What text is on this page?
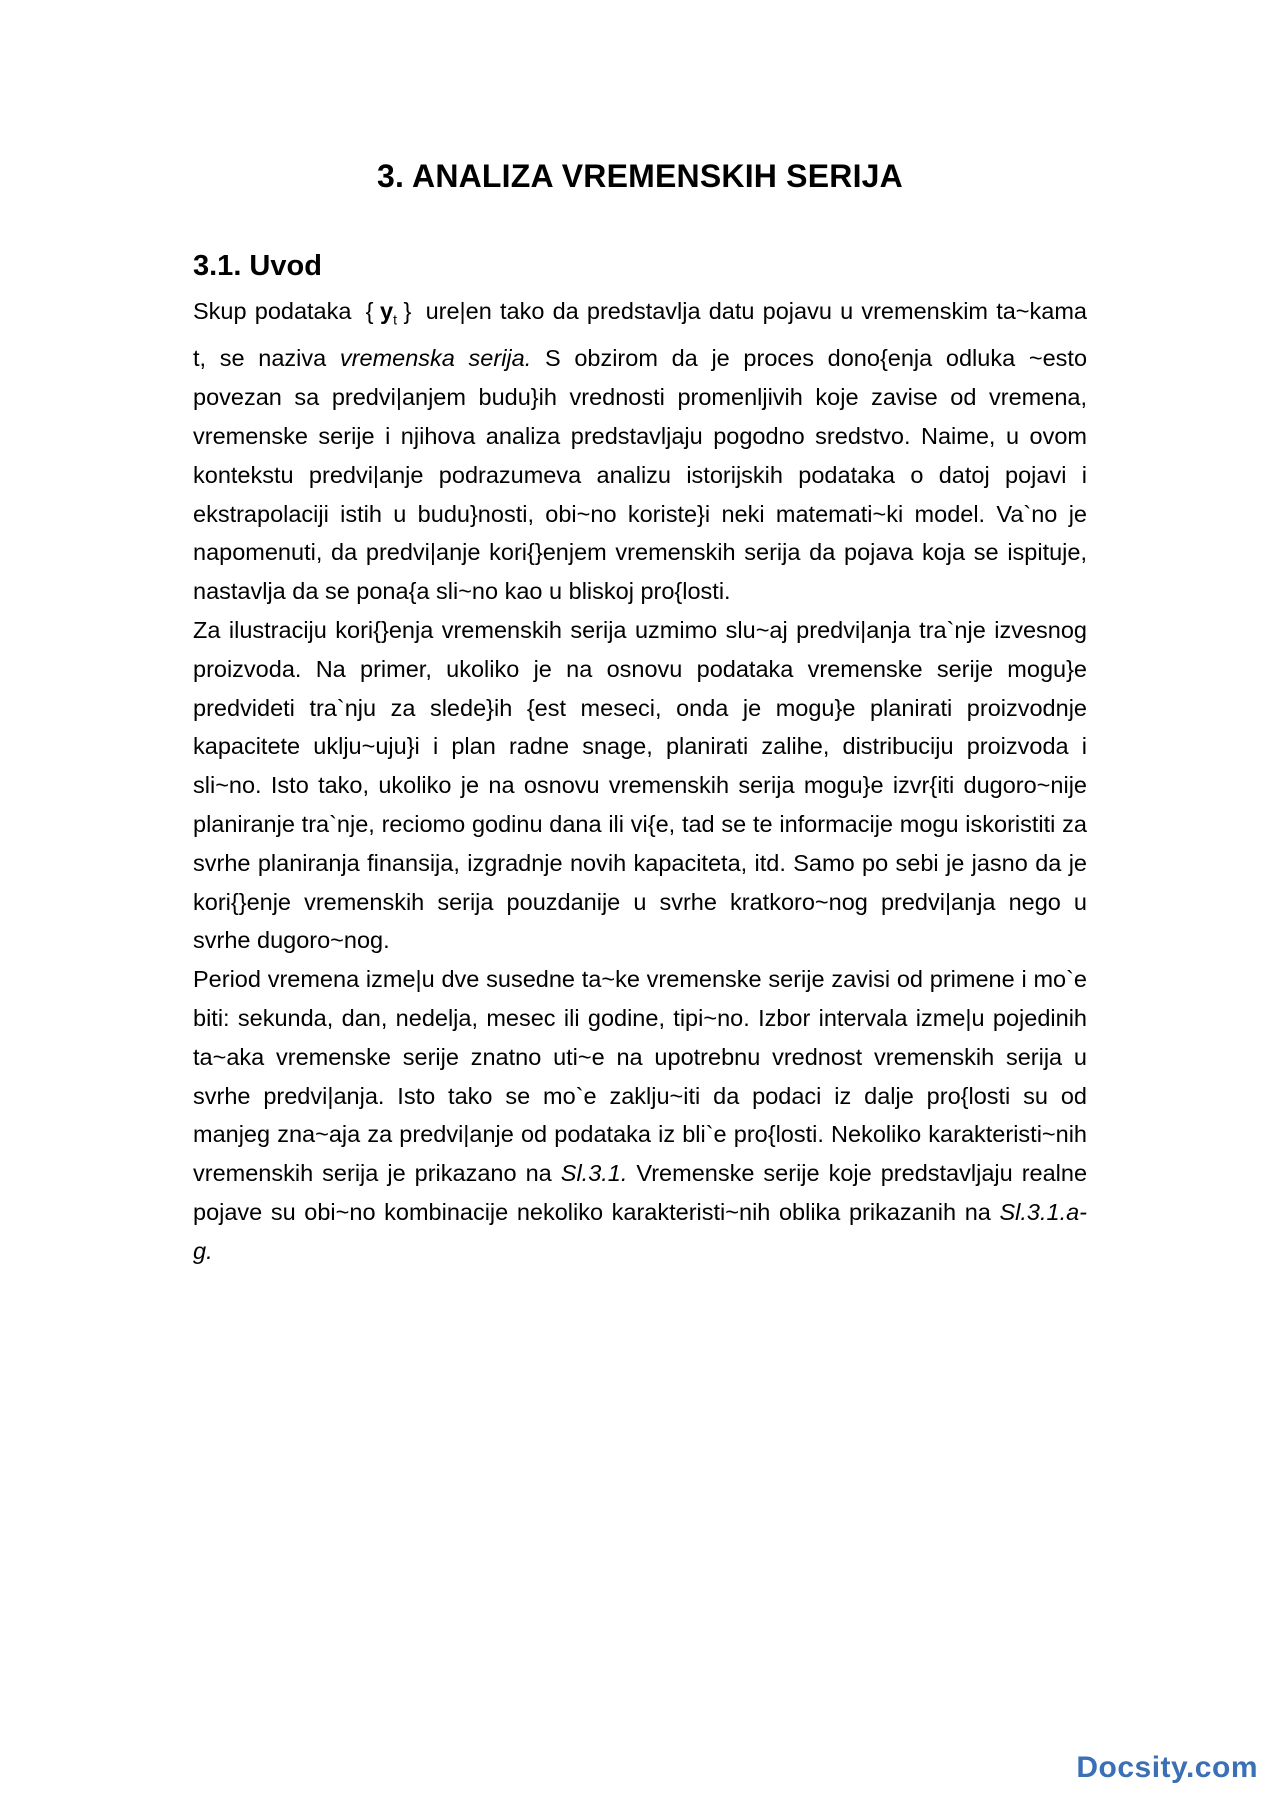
3. ANALIZA VREMENSKIH SERIJA
3.1. Uvod

Skup podataka { $y_t$ } ure|en tako da predstavlja datu pojavu u vremenskim ta~kama t, se naziva vremenska serija. S obzirom da je proces dono{enja odluka ~esto povezan sa predvi|anjem budu}ih vrednosti promenljivih koje zavise od vremena, vremenske serije i njihova analiza predstavljaju pogodno sredstvo. Naime, u ovom kontekstu predvi|anje podrazumeva analizu istorijskih podataka o datoj pojavi i ekstrapolaciji istih u budu}nosti, obi~no koriste}i neki matemati~ki model. Va`no je napomenuti, da predvi|anje kori{}enjem vremenskih serija da pojava koja se ispituje, nastavlja da se pona{a sli~no kao u bliskoj pro{losti.

Za ilustraciju kori{}enja vremenskih serija uzmimo slu~aj predvi|anja tra`nje izvesnog proizvoda. Na primer, ukoliko je na osnovu podataka vremenske serije mogu}e predvideti tra`nju za slede}ih {est meseci, onda je mogu}e planirati proizvodnje kapacitete uklju~uju}i i plan radne snage, planirati zalihe, distribuciju proizvoda i sli~no. Isto tako, ukoliko je na osnovu vremenskih serija mogu}e izvr{iti dugoro~nije planiranje tra`nje, reciomo godinu dana ili vi{e, tad se te informacije mogu iskoristiti za svrhe planiranja finansija, izgradnje novih kapaciteta, itd. Samo po sebi je jasno da je kori{}enje vremenskih serija pouzdanije u svrhe kratkoro~nog predvi|anja nego u svrhe dugoro~nog.

Period vremena izme|u dve susedne ta~ke vremenske serije zavisi od primene i mo`e biti: sekunda, dan, nedelja, mesec ili godine, tipi~no. Izbor intervala izme|u pojedinih ta~aka vremenske serije znatno uti~e na upotrebnu vrednost vremenskih serija u svrhe predvi|anja. Isto tako se mo`e zaklju~iti da podaci iz dalje pro{losti su od manjeg zna~aja za predvi|anje od podataka iz bli`e pro{losti. Nekoliko karakteristi~nih vremenskih serija je prikazano na Sl.3.1. Vremenske serije koje predstavljaju realne pojave su obi~no kombinacije nekoliko karakteristi~nih oblika prikazanih na Sl.3.1.a-g.

Docsity.com
